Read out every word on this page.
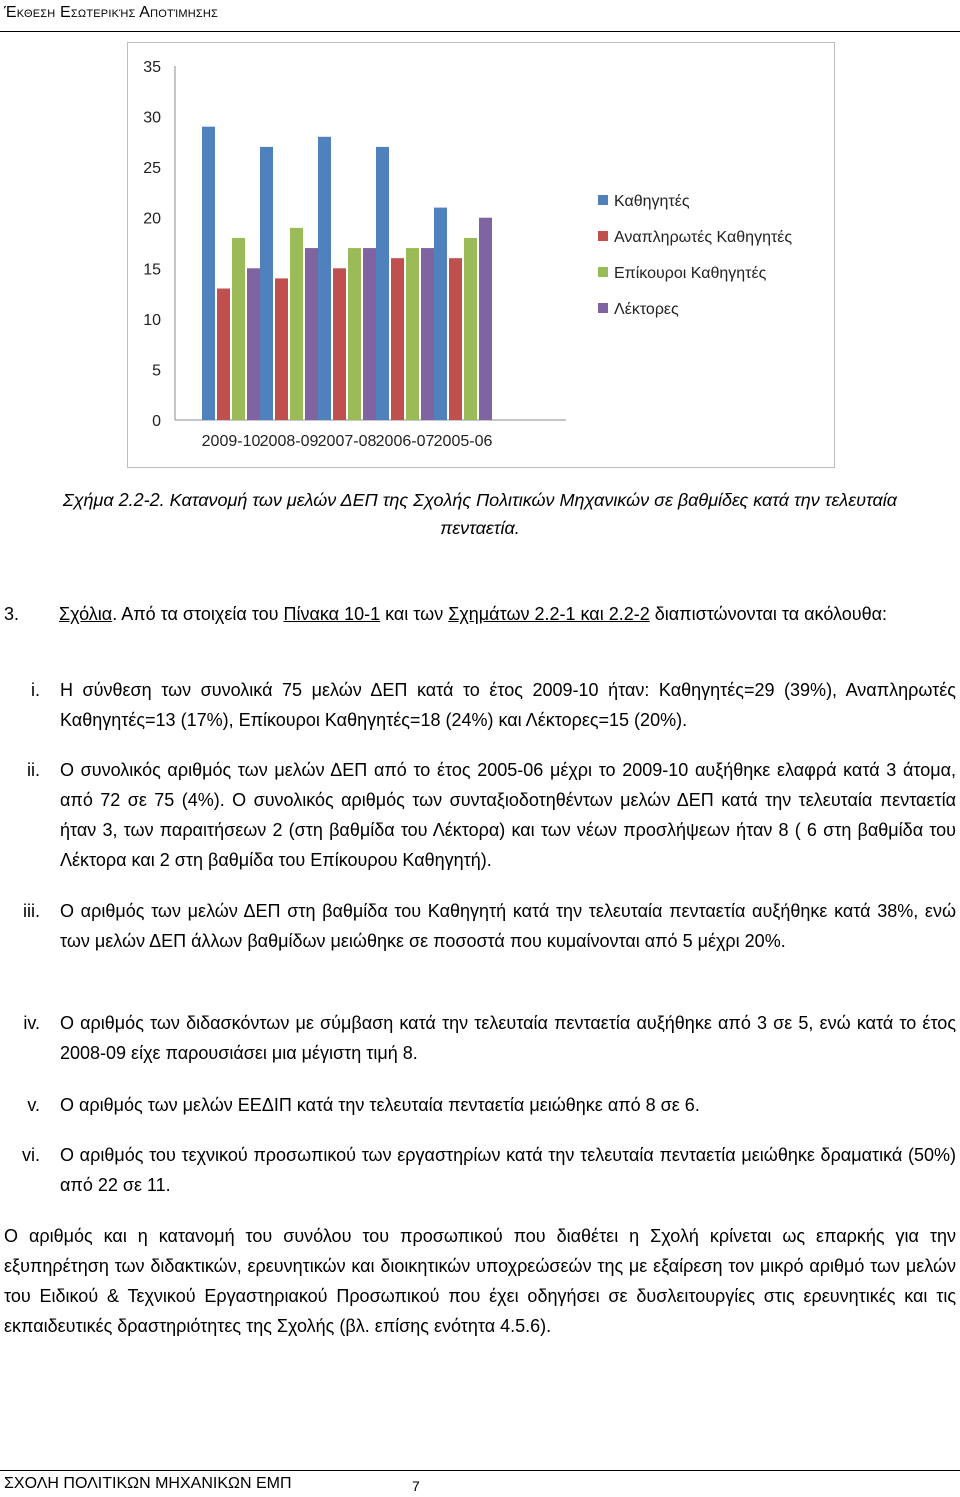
Έκθεση Εσωτερικής Αποτίμησης
0
5
10
15
20
25
30
35
2009-10 2008-09 2007-08 2006-07 2005-06
Καθηγητές
Αναπληρωτές Καθηγητές
Επίκουροι Καθηγητές
Λέκτορες
Σχήμα 2.2-2. Κατανομή των μελών ΔΕΠ της Σχολής Πολιτικών Μηχανικών σε βαθμίδες κατά την τελευταία
πενταετία.
3. Σχόλια. Από τα στοιχεία του Πίνακα 10-1 και των Σχημάτων 2.2-1 και 2.2-2 διαπιστώνονται τα ακόλουθα:
i. Η σύνθεση των συνολικά 75 μελών ΔΕΠ κατά το έτος 2009-10 ήταν: Καθηγητές=29 (39%), Αναπληρωτές Καθηγητές=13 (17%), Επίκουροι Καθηγητές=18 (24%) και Λέκτορες=15 (20%).
ii. Ο συνολικός αριθμός των μελών ΔΕΠ από το έτος 2005-06 μέχρι το 2009-10 αυξήθηκε ελαφρά κατά 3 άτομα, από 72 σε 75 (4%). Ο συνολικός αριθμός των συνταξιοδοτηθέντων μελών ΔΕΠ κατά την τελευταία πενταετία ήταν 3, των παραιτήσεων 2 (στη βαθμίδα του Λέκτορα) και των νέων προσλήψεων ήταν 8 ( 6 στη βαθμίδα του Λέκτορα και 2 στη βαθμίδα του Επίκουρου Καθηγητή).
iii. Ο αριθμός των μελών ΔΕΠ στη βαθμίδα του Καθηγητή κατά την τελευταία πενταετία αυξήθηκε κατά 38%, ενώ των μελών ΔΕΠ άλλων βαθμίδων μειώθηκε σε ποσοστά που κυμαίνονται από 5 μέχρι 20%.
iv. Ο αριθμός των διδασκόντων με σύμβαση κατά την τελευταία πενταετία αυξήθηκε από 3 σε 5, ενώ κατά το έτος 2008-09 είχε παρουσιάσει μια μέγιστη τιμή 8.
v. Ο αριθμός των μελών ΕΕΔΙΠ κατά την τελευταία πενταετία μειώθηκε από 8 σε 6.
vi. Ο αριθμός του τεχνικού προσωπικού των εργαστηρίων κατά την τελευταία πενταετία μειώθηκε δραματικά (50%) από 22 σε 11.
Ο αριθμός και η κατανομή του συνόλου του προσωπικού που διαθέτει η Σχολή κρίνεται ως επαρκής για την εξυπηρέτηση των διδακτικών, ερευνητικών και διοικητικών υποχρεώσεών της με εξαίρεση τον μικρό αριθμό των μελών του Ειδικού & Τεχνικού Εργαστηριακού Προσωπικού που έχει οδηγήσει σε δυσλειτουργίες στις ερευνητικές και τις εκπαιδευτικές δραστηριότητες της Σχολής (βλ. επίσης ενότητα 4.5.6).
ΣΧΟΛΗ ΠΟΛΙΤΙΚΩΝ ΜΗΧΑΝΙΚΩΝ ΕΜΠ	7
